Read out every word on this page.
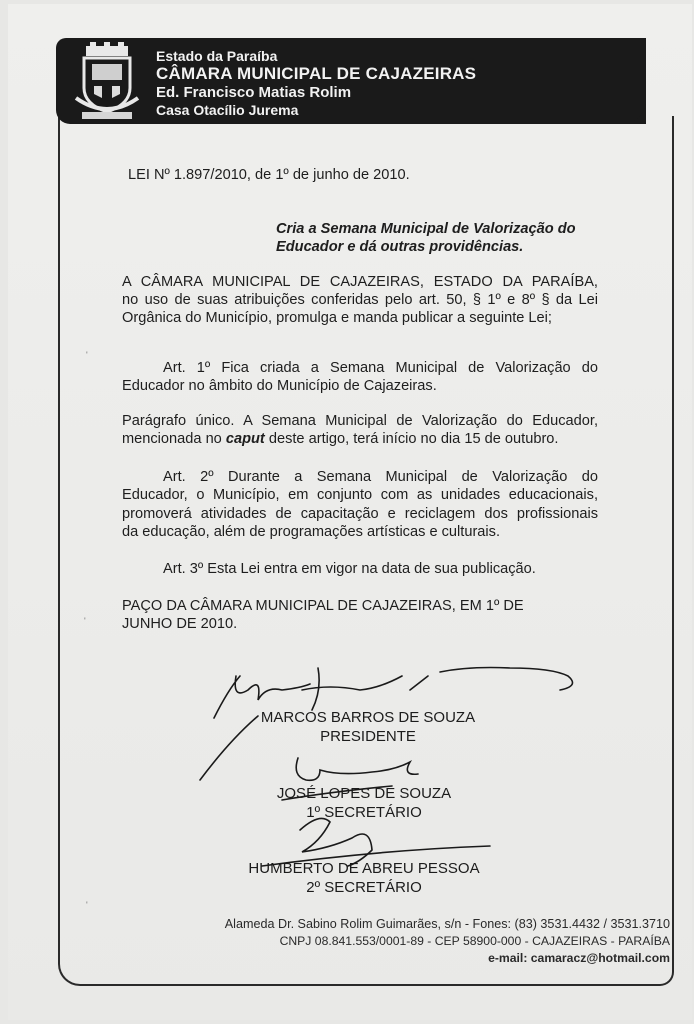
Estado da Paraíba
CÂMARA MUNICIPAL DE CAJAZEIRAS
Ed. Francisco Matias Rolim
Casa Otacílio Jurema
LEI Nº 1.897/2010, de 1º de junho de 2010.
Cria a Semana Municipal de Valorização do
Educador e dá outras providências.
A CÂMARA MUNICIPAL DE CAJAZEIRAS, ESTADO DA PARAÍBA,
no uso de suas atribuições conferidas pelo art. 50, § 1º e 8º § da Lei
Orgânica do Município, promulga e manda publicar a seguinte Lei;
Art. 1º Fica criada a Semana Municipal de Valorização do
Educador no âmbito do Município de Cajazeiras.
Parágrafo único. A Semana Municipal de Valorização do Educador,
mencionada no caput deste artigo, terá início no dia 15 de outubro.
Art. 2º Durante a Semana Municipal de Valorização do
Educador, o Município, em conjunto com as unidades educacionais,
promoverá atividades de capacitação e reciclagem dos profissionais
da educação, além de programações artísticas e culturais.
Art. 3º Esta Lei entra em vigor na data de sua publicação.
PAÇO DA CÂMARA MUNICIPAL DE CAJAZEIRAS, EM 1º DE
JUNHO DE 2010.
MARCOS BARROS DE SOUZA
PRESIDENTE
JOSÉ LOPES DE SOUZA
1º SECRETÁRIO
HUMBERTO DE ABREU PESSOA
2º SECRETÁRIO
'
'
'
Alameda Dr. Sabino Rolim Guimarães, s/n - Fones: (83) 3531.4432 / 3531.3710
CNPJ 08.841.553/0001-89 - CEP 58900-000 - CAJAZEIRAS - PARAÍBA
e-mail: camaracz@hotmail.com
